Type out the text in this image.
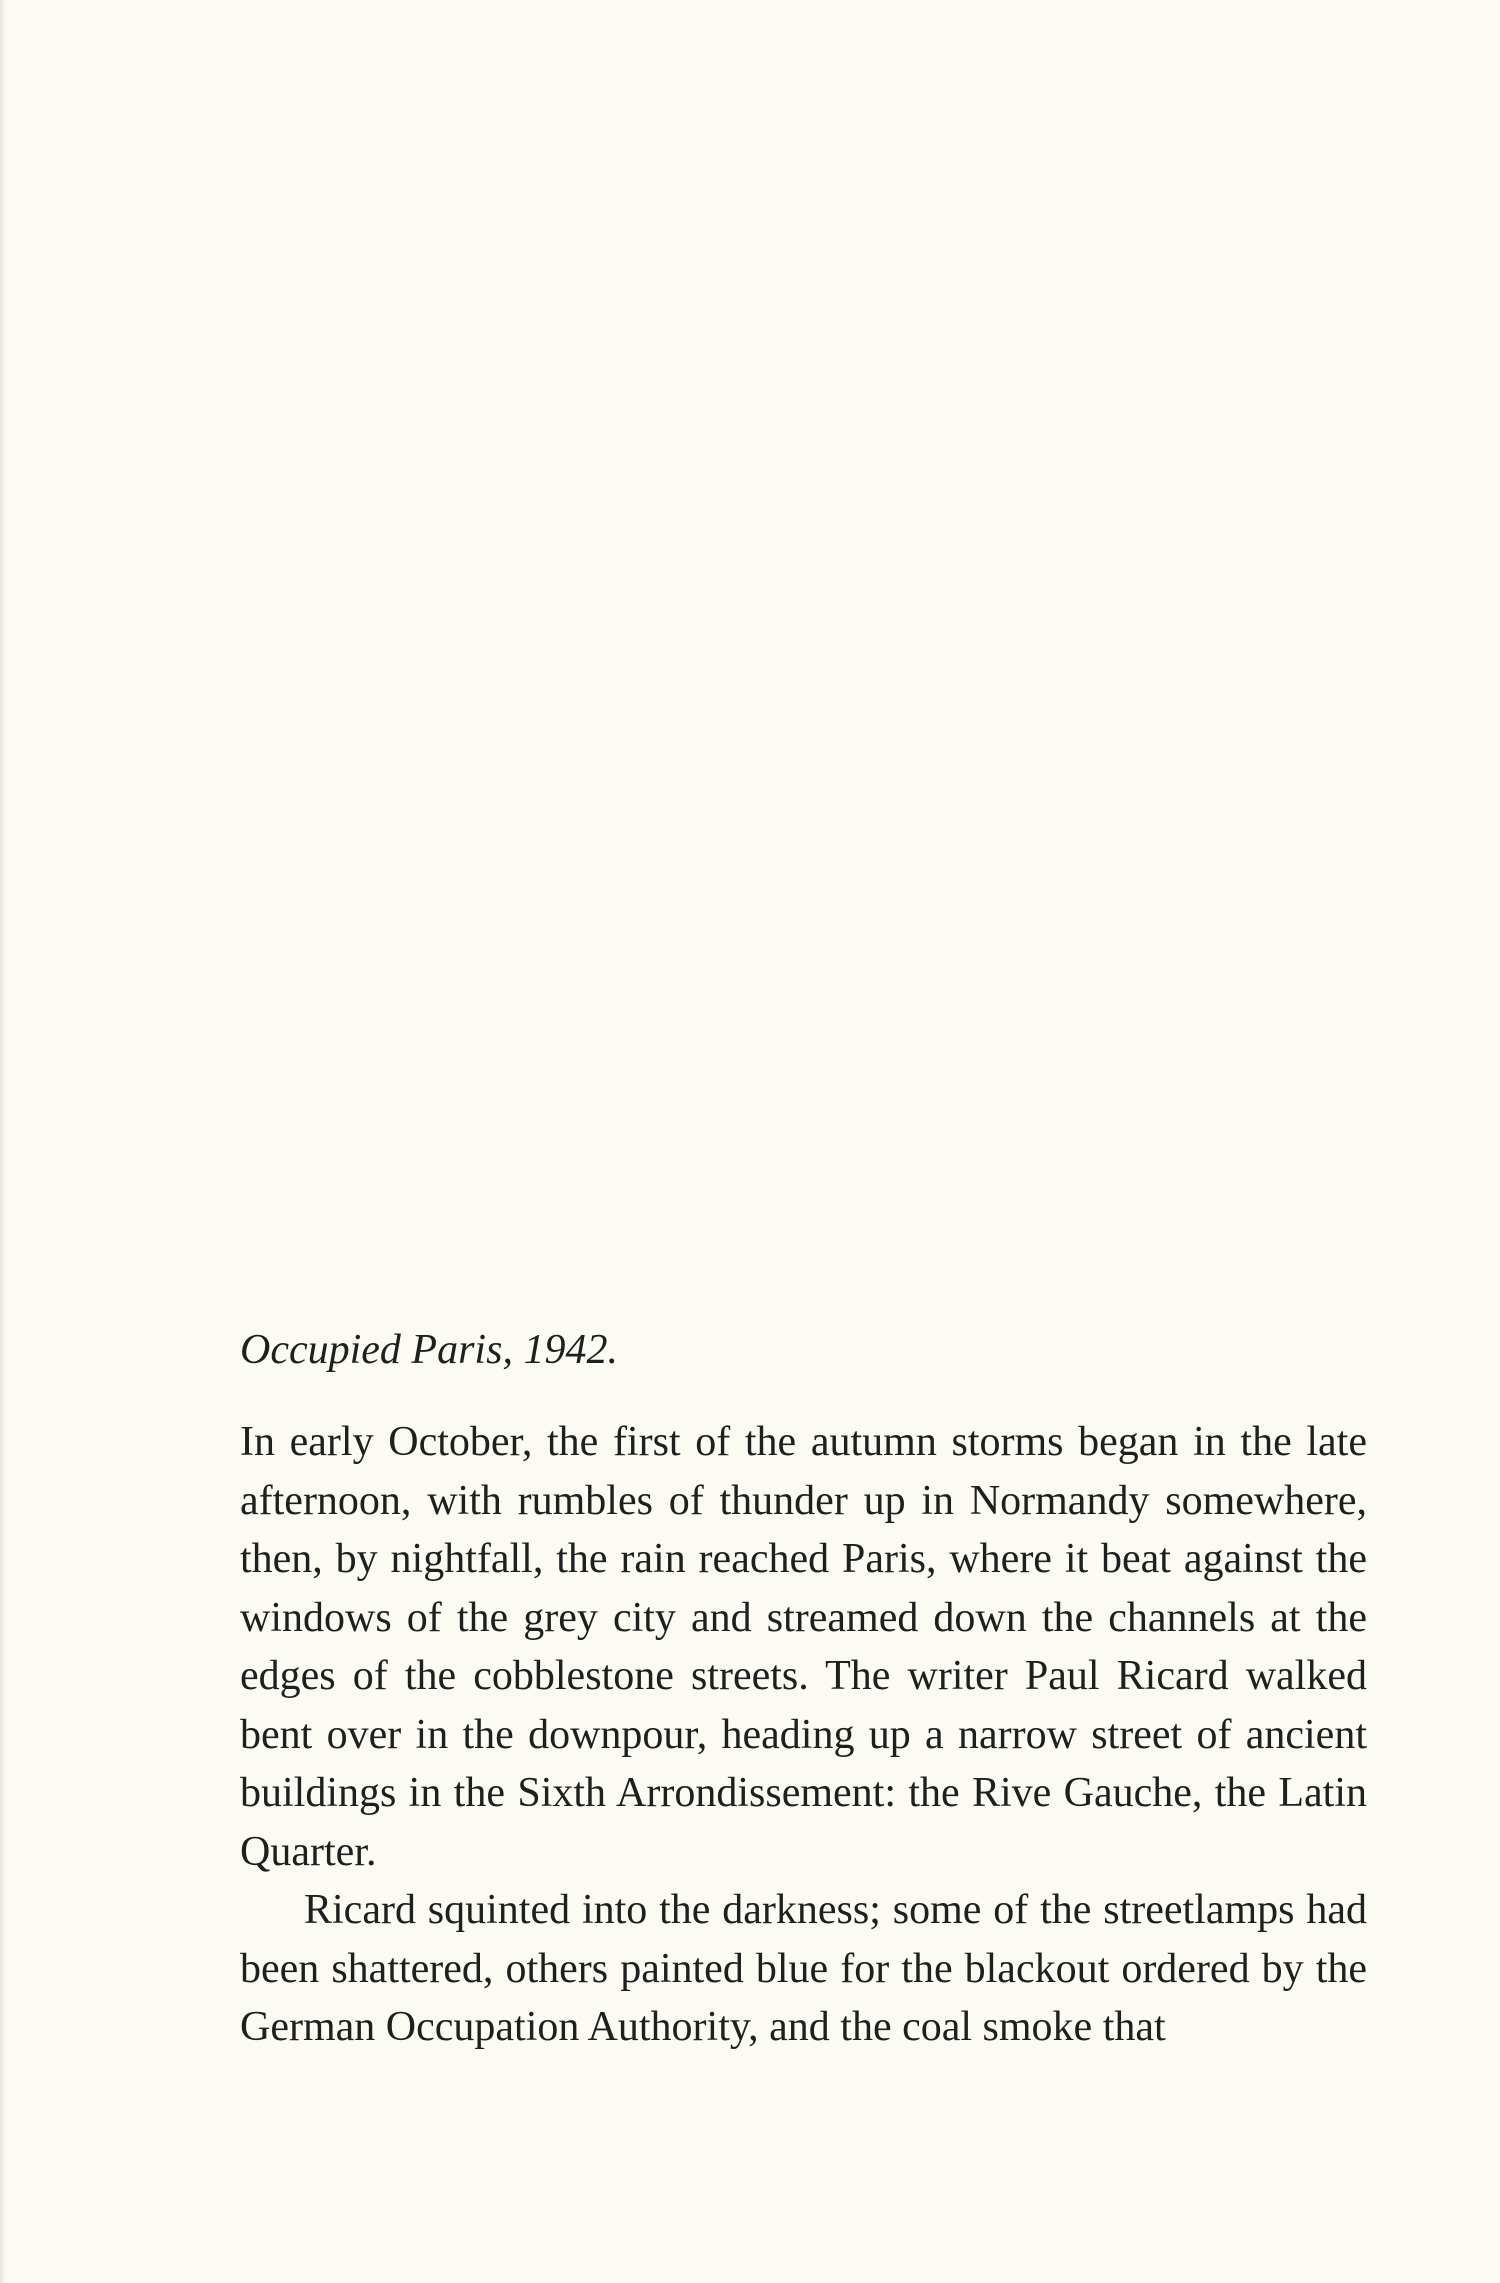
Occupied Paris, 1942.

In early October, the first of the autumn storms began in the late afternoon, with rumbles of thunder up in Normandy somewhere, then, by nightfall, the rain reached Paris, where it beat against the windows of the grey city and streamed down the channels at the edges of the cobblestone streets. The writer Paul Ricard walked bent over in the downpour, heading up a narrow street of ancient buildings in the Sixth Arrondissement: the Rive Gauche, the Latin Quarter.

Ricard squinted into the darkness; some of the streetlamps had been shattered, others painted blue for the blackout ordered by the German Occupation Authority, and the coal smoke that
